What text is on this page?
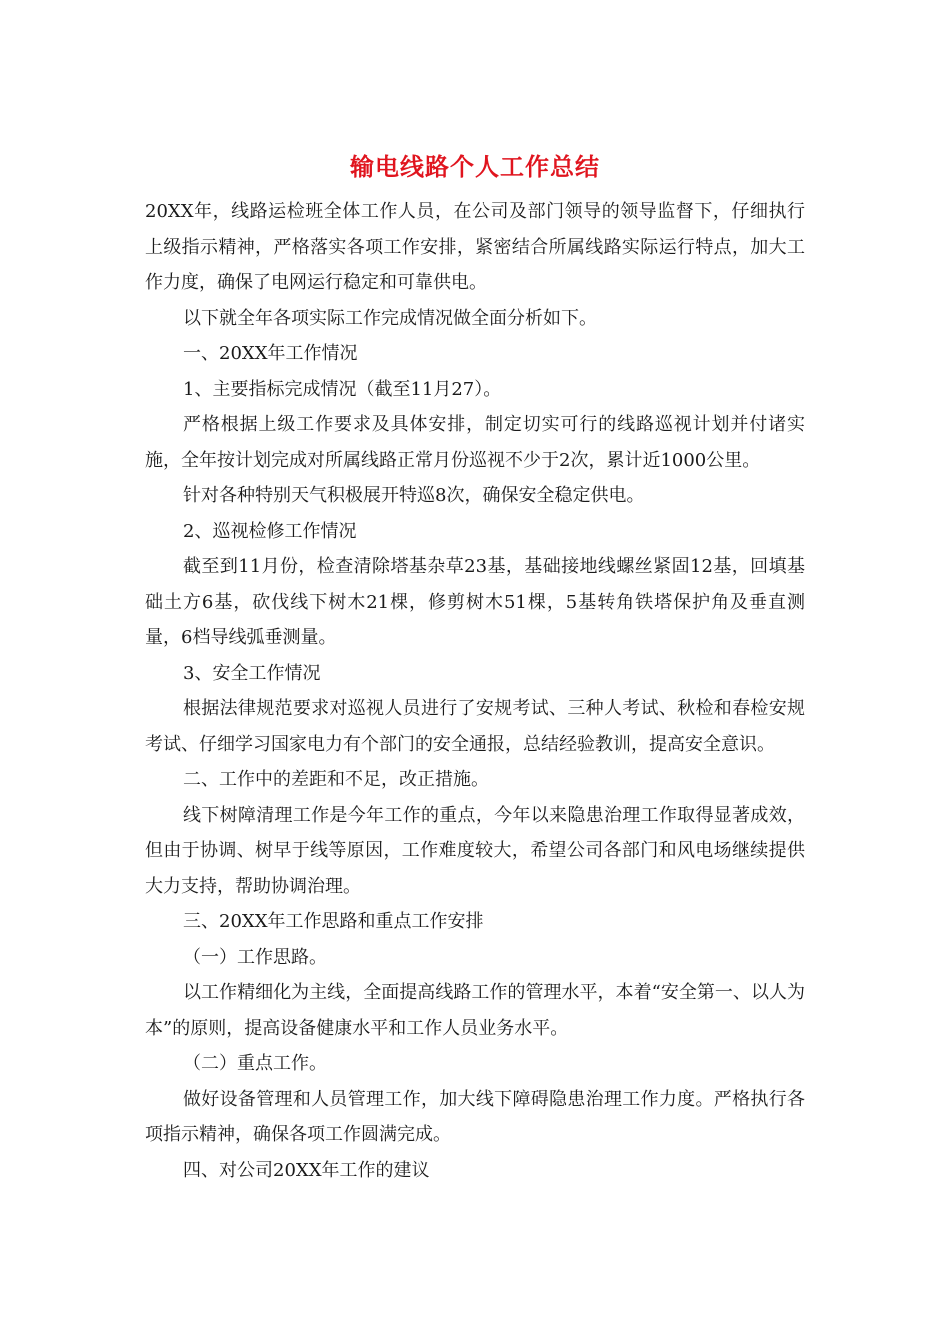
输电线路个人工作总结

20XX年，线路运检班全体工作人员，在公司及部门领导的领导监督下，仔细执行上级指示精神，严格落实各项工作安排，紧密结合所属线路实际运行特点，加大工作力度，确保了电网运行稳定和可靠供电。

以下就全年各项实际工作完成情况做全面分析如下。

一、20XX年工作情况

1、主要指标完成情况（截至11月27）。

严格根据上级工作要求及具体安排，制定切实可行的线路巡视计划并付诸实施，全年按计划完成对所属线路正常月份巡视不少于2次，累计近1000公里。

针对各种特别天气积极展开特巡8次，确保安全稳定供电。

2、巡视检修工作情况

截至到11月份，检查清除塔基杂草23基，基础接地线螺丝紧固12基，回填基础土方6基，砍伐线下树木21棵，修剪树木51棵，5基转角铁塔保护角及垂直测量，6档导线弧垂测量。

3、安全工作情况

根据法律规范要求对巡视人员进行了安规考试、三种人考试、秋检和春检安规考试、仔细学习国家电力有个部门的安全通报，总结经验教训，提高安全意识。

二、工作中的差距和不足，改正措施。

线下树障清理工作是今年工作的重点，今年以来隐患治理工作取得显著成效，但由于协调、树早于线等原因，工作难度较大，希望公司各部门和风电场继续提供大力支持，帮助协调治理。

三、20XX年工作思路和重点工作安排

（一）工作思路。

以工作精细化为主线，全面提高线路工作的管理水平，本着“安全第一、以人为本”的原则，提高设备健康水平和工作人员业务水平。

（二）重点工作。

做好设备管理和人员管理工作，加大线下障碍隐患治理工作力度。严格执行各项指示精神，确保各项工作圆满完成。

四、对公司20XX年工作的建议
